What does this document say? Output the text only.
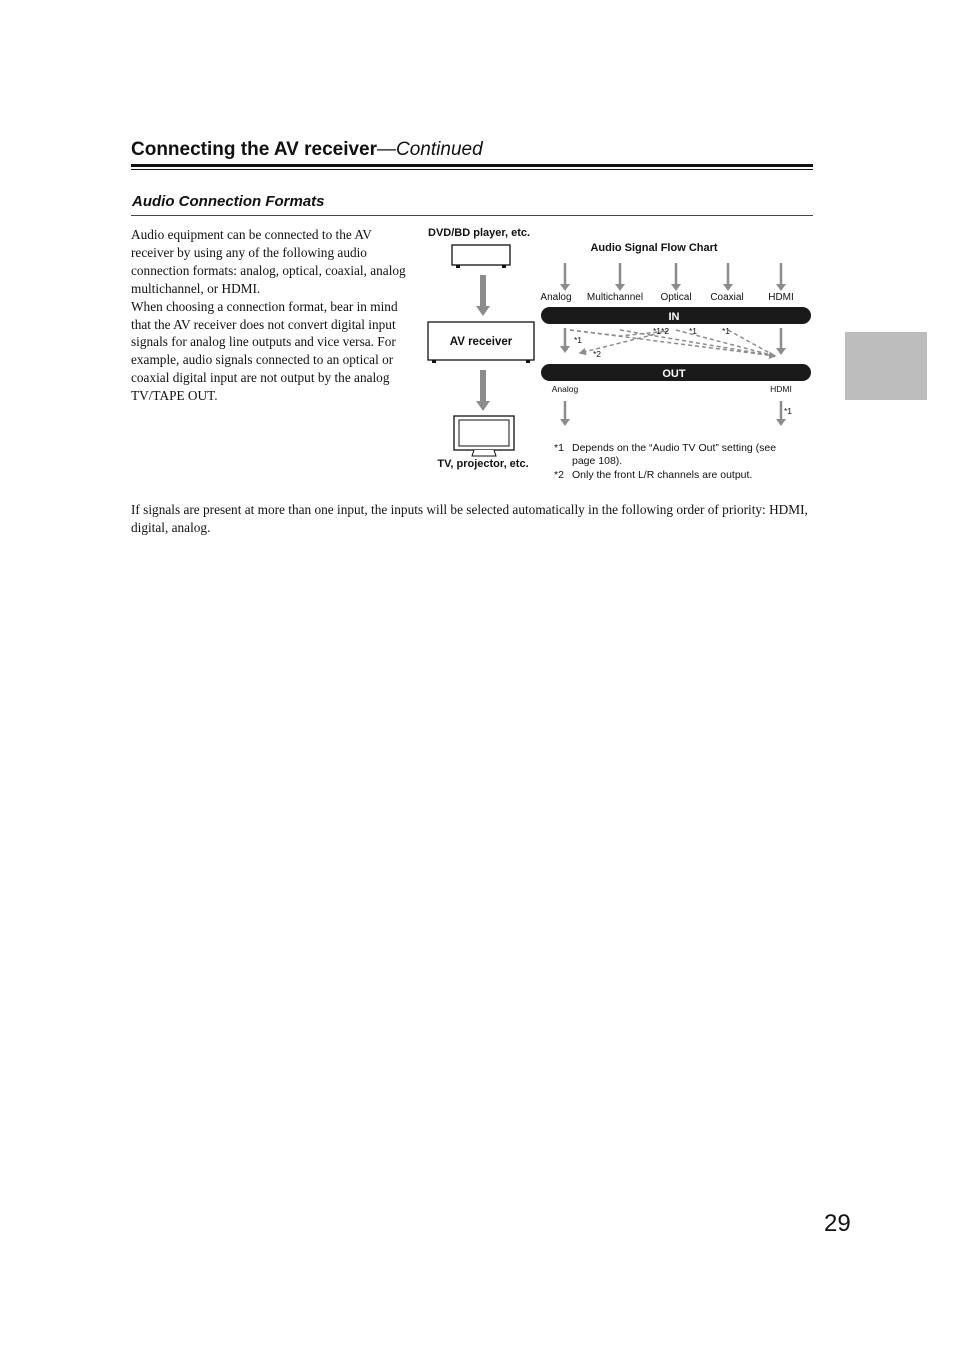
Connecting the AV receiver—Continued
Audio Connection Formats

Audio equipment can be connected to the AV receiver by using any of the following audio connection formats: analog, optical, coaxial, analog multichannel, or HDMI.

When choosing a connection format, bear in mind that the AV receiver does not convert digital input signals for analog line outputs and vice versa. For example, audio signals connected to an optical or coaxial digital input are not output by the analog TV/TAPE OUT.

DVD/BD player, etc.
AV receiver
TV, projector, etc.
Audio Signal Flow Chart
Analog Multichannel Optical Coaxial HDMI
IN
*1
*2
*1*2 *1	*1
OUT
Analog	HDMI
*1
*1 Depends on the “Audio TV Out” setting (see
page 108).
*2 Only the front L/R channels are output.
If signals are present at more than one input, the inputs will be selected automatically in the following order of priority: HDMI, digital, analog.
29
